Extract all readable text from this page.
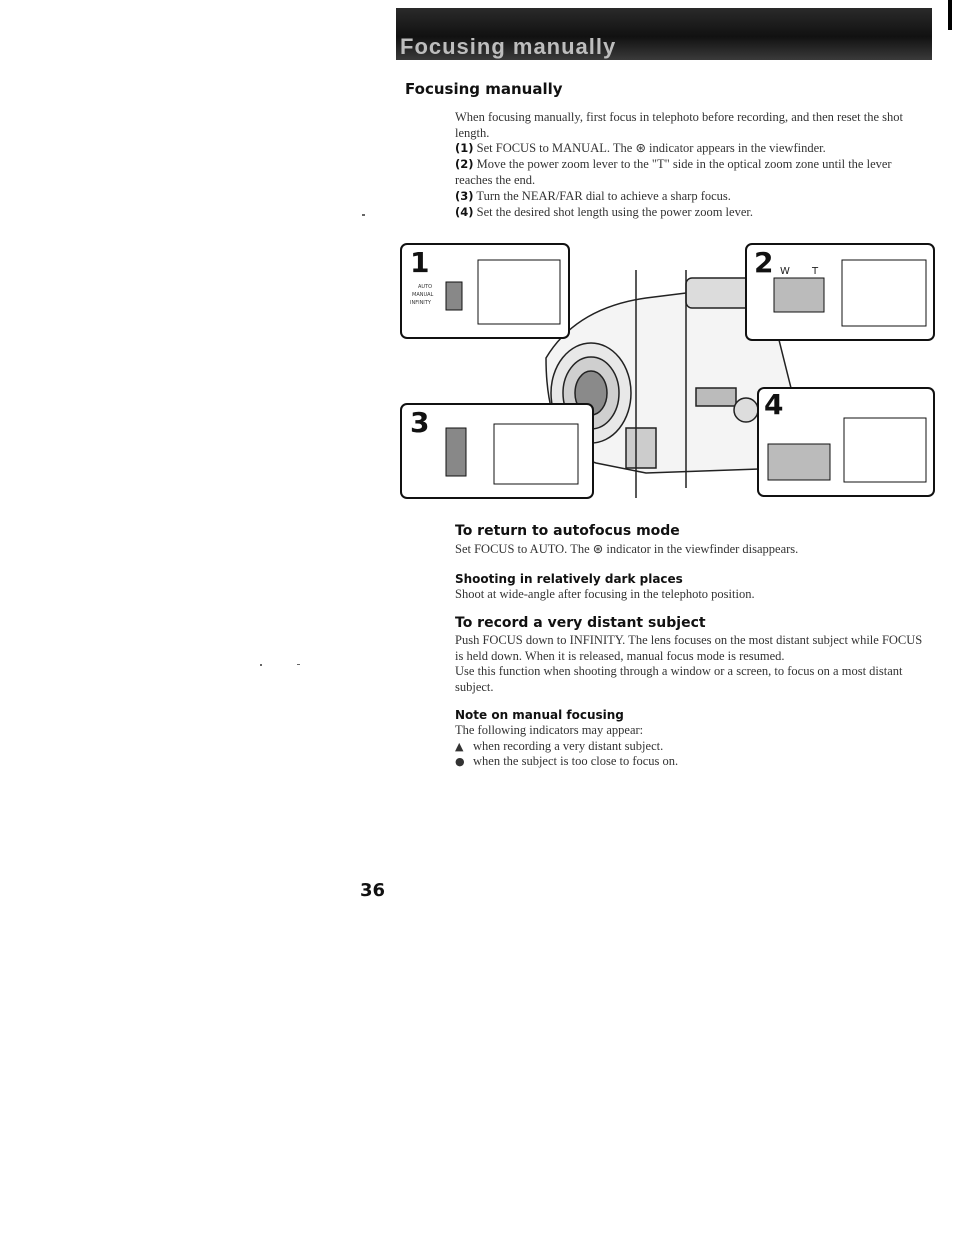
Focusing manually
Focusing manually
When focusing manually, first focus in telephoto before recording, and then reset the shot length.
(1) Set FOCUS to MANUAL. The ⊛ indicator appears in the viewfinder.
(2) Move the power zoom lever to the "T" side in the optical zoom zone until the lever reaches the end.
(3) Turn the NEAR/FAR dial to achieve a sharp focus.
(4) Set the desired shot length using the power zoom lever.
1
AUTO
MANUAL
INFINITY
2 W T
3
4
To return to autofocus mode
Set FOCUS to AUTO. The ⊛ indicator in the viewfinder disappears.
Shooting in relatively dark places
Shoot at wide-angle after focusing in the telephoto position.
To record a very distant subject
Push FOCUS down to INFINITY. The lens focuses on the most distant subject while FOCUS is held down. When it is released, manual focus mode is resumed.
Use this function when shooting through a window or a screen, to focus on a most distant subject.
Note on manual focusing
The following indicators may appear:
▲ when recording a very distant subject.
● when the subject is too close to focus on.
36
